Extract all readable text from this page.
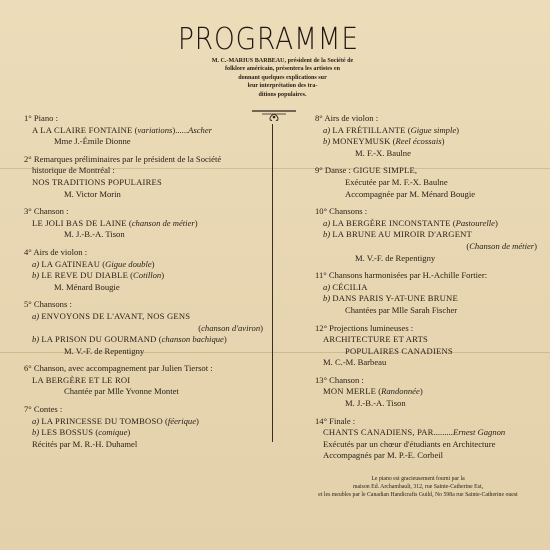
PROGRAMME
M. C.-MARIUS BARBEAU, président de la Société de
folklore américain, présentera les artistes en
donnant quelques explications sur
leur interprétation des tra-
ditions populaires.
1° Piano :
A LA CLAIRE FONTAINE (variations)......Ascher
Mme J.-Émile Dionne
2° Remarques préliminaires par le président de la Société
historique de Montréal :
NOS TRADITIONS POPULAIRES
M. Victor Morin
3° Chanson :
LE JOLI BAS DE LAINE (chanson de métier)
M. J.-B.-A. Tison
4° Airs de violon :
a) LA GATINEAU (Gigue double)
b) LE REVE DU DIABLE (Cotillon)
M. Ménard Bougie
5° Chansons :
a) ENVOYONS DE L'AVANT, NOS GENS
(chanson d'aviron)
b) LA PRISON DU GOURMAND (chanson bachique)
M. V.-F. de Repentigny
6° Chanson, avec accompagnement par Julien Tiersot :
LA BERGÈRE ET LE ROI
Chantée par Mlle Yvonne Montet
7° Contes :
a) LA PRINCESSE DU TOMBOSO (féerique)
b) LES BOSSUS (comique)
Récités par M. R.-H. Duhamel
8° Airs de violon :
a) LA FRÉTILLANTE (Gigue simple)
b) MONEYMUSK (Reel écossais)
M. F.-X. Baulne
9° Danse : GIGUE SIMPLE,
Exécutée par M. F.-X. Baulne
Accompagnée par M. Ménard Bougie
10° Chansons :
a) LA BERGÈRE INCONSTANTE (Pastourelle)
b) LA BRUNE AU MIROIR D'ARGENT
(Chanson de métier)
M. V.-F. de Repentigny
11° Chansons harmonisées par H.-Achille Fortier:
a) CÉCILIA
b) DANS PARIS Y-AT-UNE BRUNE
Chantées par Mlle Sarah Fischer
12° Projections lumineuses :
ARCHITECTURE ET ARTS
POPULAIRES CANADIENS
M. C.-M. Barbeau
13° Chanson :
MON MERLE (Randonnée)
M. J.-B.-A. Tison
14° Finale :
CHANTS CANADIENS, PAR.........Ernest Gagnon
Exécutés par un chœur d'étudiants en Architecture
Accompagnés par M. P.-E. Corbeil
Le piano est gracieusement fourni par la
maison Ed. Archambault, 312, rue Sainte-Catherine Est,
et les meubles par le Canadian Handicrafts Guild, No 598a rue Sainte-Catherine ouest
